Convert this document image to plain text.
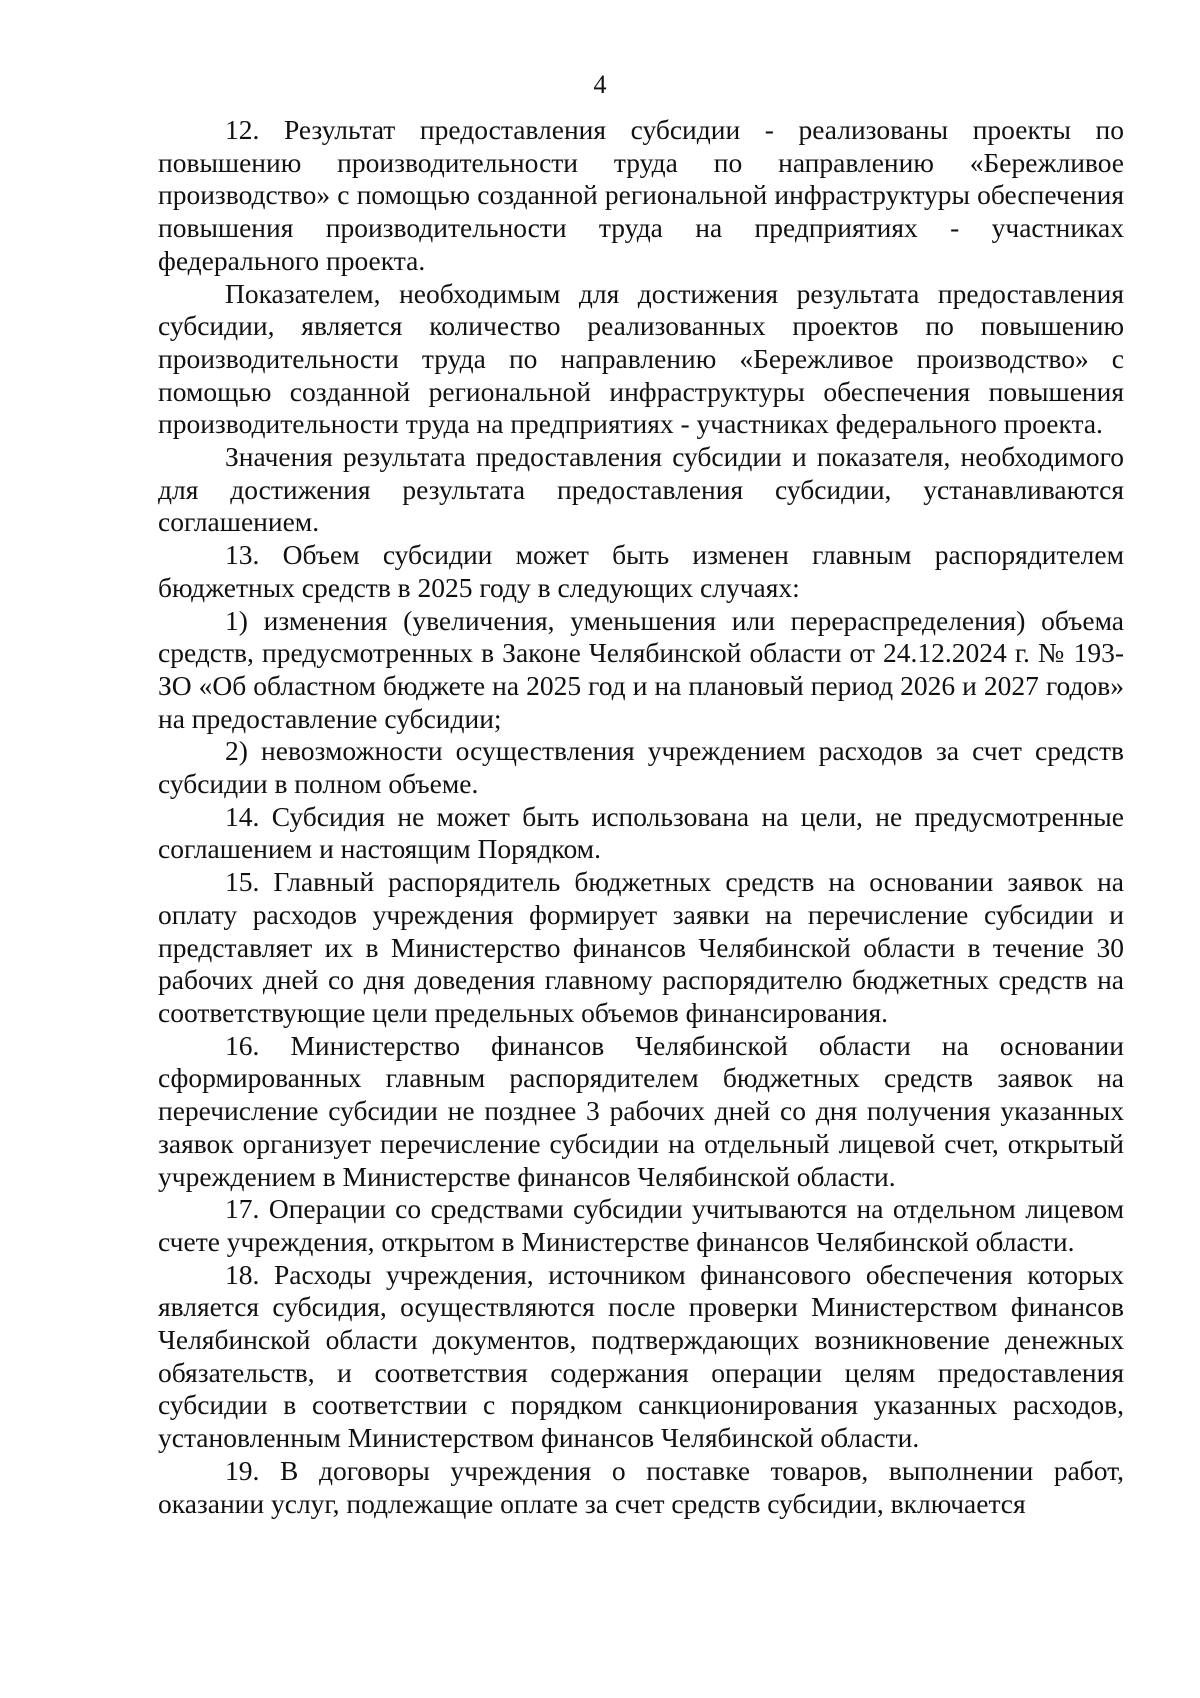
4

12. Результат предоставления субсидии - реализованы проекты по повышению производительности труда по направлению «Бережливое производство» с помощью созданной региональной инфраструктуры обеспечения повышения производительности труда на предприятиях - участниках федерального проекта.

Показателем, необходимым для достижения результата предоставления субсидии, является количество реализованных проектов по повышению производительности труда по направлению «Бережливое производство» с помощью созданной региональной инфраструктуры обеспечения повышения производительности труда на предприятиях - участниках федерального проекта.

Значения результата предоставления субсидии и показателя, необходимого для достижения результата предоставления субсидии, устанавливаются соглашением.

13. Объем субсидии может быть изменен главным распорядителем бюджетных средств в 2025 году в следующих случаях:

1) изменения (увеличения, уменьшения или перераспределения) объема средств, предусмотренных в Законе Челябинской области от 24.12.2024 г. № 193-ЗО «Об областном бюджете на 2025 год и на плановый период 2026 и 2027 годов» на предоставление субсидии;

2) невозможности осуществления учреждением расходов за счет средств субсидии в полном объеме.

14. Субсидия не может быть использована на цели, не предусмотренные соглашением и настоящим Порядком.

15. Главный распорядитель бюджетных средств на основании заявок на оплату расходов учреждения формирует заявки на перечисление субсидии и представляет их в Министерство финансов Челябинской области в течение 30 рабочих дней со дня доведения главному распорядителю бюджетных средств на соответствующие цели предельных объемов финансирования.

16. Министерство финансов Челябинской области на основании сформированных главным распорядителем бюджетных средств заявок на перечисление субсидии не позднее 3 рабочих дней со дня получения указанных заявок организует перечисление субсидии на отдельный лицевой счет, открытый учреждением в Министерстве финансов Челябинской области.

17. Операции со средствами субсидии учитываются на отдельном лицевом счете учреждения, открытом в Министерстве финансов Челябинской области.

18. Расходы учреждения, источником финансового обеспечения которых является субсидия, осуществляются после проверки Министерством финансов Челябинской области документов, подтверждающих возникновение денежных обязательств, и соответствия содержания операции целям предоставления субсидии в соответствии с порядком санкционирования указанных расходов, установленным Министерством финансов Челябинской области.

19. В договоры учреждения о поставке товаров, выполнении работ, оказании услуг, подлежащие оплате за счет средств субсидии, включается
